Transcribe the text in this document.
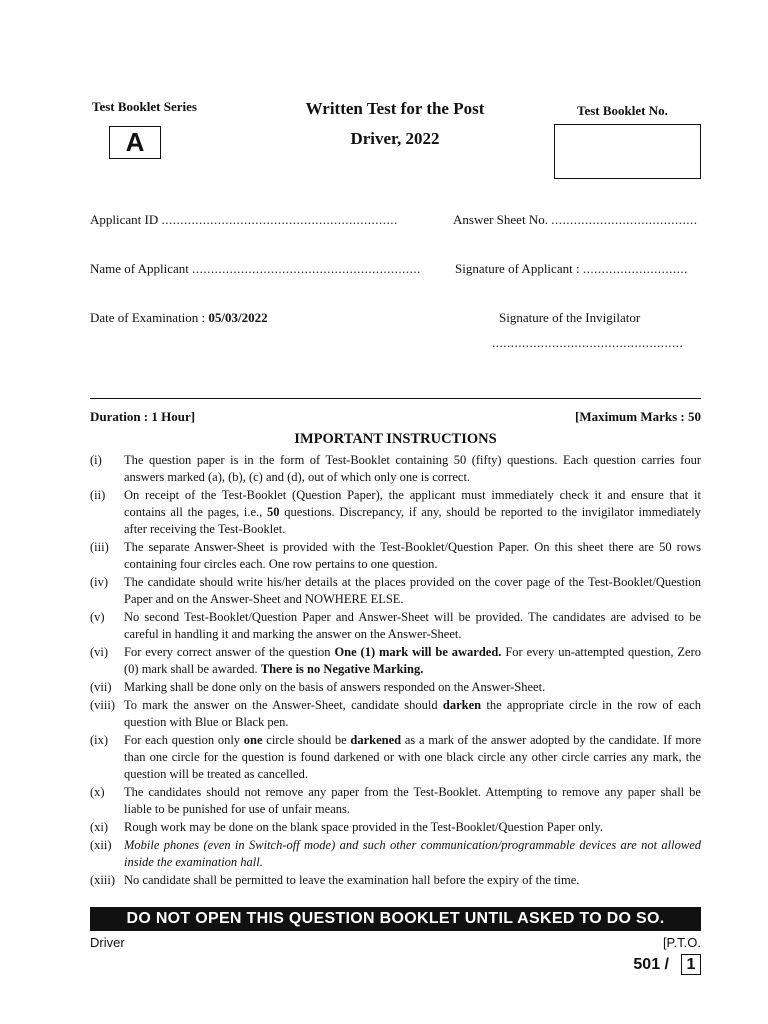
Test Booklet Series
A
Written Test for the Post
Driver, 2022
Test Booklet No.
Applicant ID ...............................................................	Answer Sheet No. .......................................
Name of Applicant .............................................................	Signature of Applicant : ............................
Date of Examination : 05/03/2022	Signature of the Invigilator
...................................................
Duration : 1 Hour]	[Maximum Marks : 50
IMPORTANT INSTRUCTIONS
(i)	The question paper is in the form of Test-Booklet containing 50 (fifty) questions. Each question carries four answers marked (a), (b), (c) and (d), out of which only one is correct.
(ii)	On receipt of the Test-Booklet (Question Paper), the applicant must immediately check it and ensure that it contains all the pages, i.e., 50 questions. Discrepancy, if any, should be reported to the invigilator immediately after receiving the Test-Booklet.
(iii)	The separate Answer-Sheet is provided with the Test-Booklet/Question Paper. On this sheet there are 50 rows containing four circles each. One row pertains to one question.
(iv)	The candidate should write his/her details at the places provided on the cover page of the Test-Booklet/Question Paper and on the Answer-Sheet and NOWHERE ELSE.
(v)	No second Test-Booklet/Question Paper and Answer-Sheet will be provided. The candidates are advised to be careful in handling it and marking the answer on the Answer-Sheet.
(vi)	For every correct answer of the question One (1) mark will be awarded. For every un-attempted question, Zero (0) mark shall be awarded. There is no Negative Marking.
(vii) Marking shall be done only on the basis of answers responded on the Answer-Sheet.
(viii) To mark the answer on the Answer-Sheet, candidate should darken the appropriate circle in the row of each question with Blue or Black pen.
(ix)	For each question only one circle should be darkened as a mark of the answer adopted by the candidate. If more than one circle for the question is found darkened or with one black circle any other circle carries any mark, the question will be treated as cancelled.
(x)	The candidates should not remove any paper from the Test-Booklet. Attempting to remove any paper shall be liable to be punished for use of unfair means.
(xi)	Rough work may be done on the blank space provided in the Test-Booklet/Question Paper only.
(xii) Mobile phones (even in Switch-off mode) and such other communication/programmable devices are not allowed inside the examination hall.
(xiii) No candidate shall be permitted to leave the examination hall before the expiry of the time.
DO NOT OPEN THIS QUESTION BOOKLET UNTIL ASKED TO DO SO.
Driver	[P.T.O.
501 /	1
